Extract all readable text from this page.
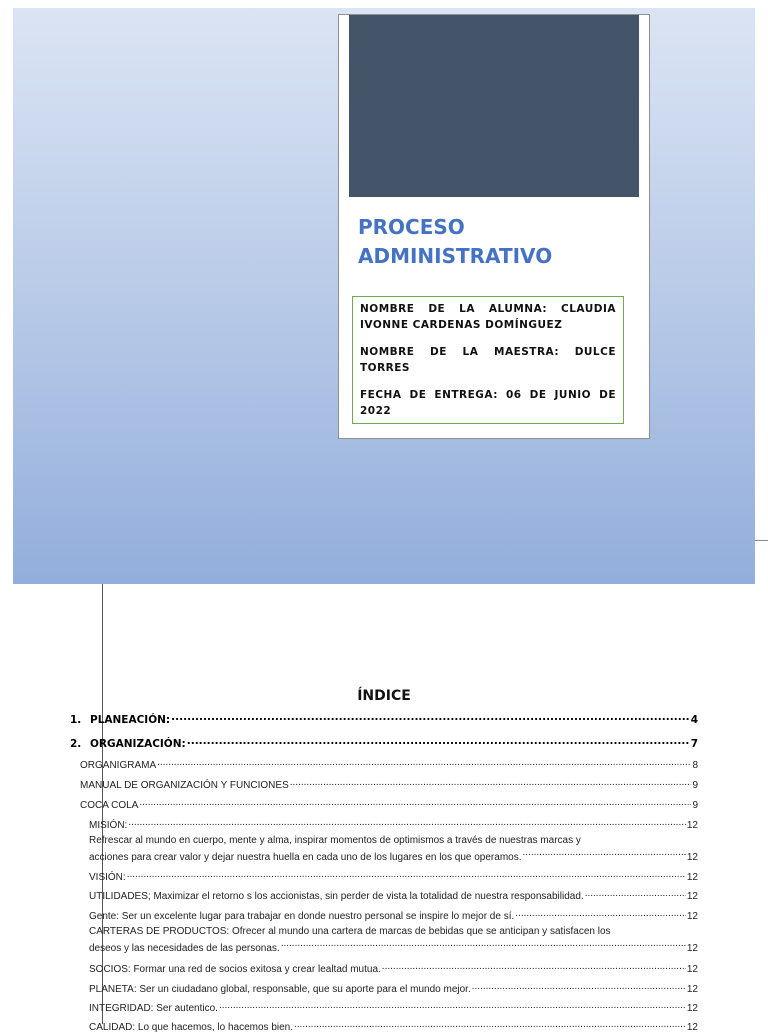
PROCESO ADMINISTRATIVO

NOMBRE DE LA ALUMNA: CLAUDIA IVONNE CARDENAS DOMÍNGUEZ

NOMBRE DE LA MAESTRA: DULCE TORRES

FECHA DE ENTREGA: 06 DE JUNIO DE 2022

ÍNDICE
1. PLANEACIÓN: .....	4
2. ORGANIZACIÓN: .....	7
ORGANIGRAMA .....	8
MANUAL DE ORGANIZACIÓN Y FUNCIONES .....	9
COCA COLA .....	9
MISIÓN: .....	12
Refrescar al mundo en cuerpo, mente y alma, inspirar momentos de optimismos a través de nuestras marcas y
acciones para crear valor y dejar nuestra huella en cada uno de los lugares en los que operamos. .....	12
VISIÓN: .....	12
UTILIDADES; Maximizar el retorno s los accionistas, sin perder de vista la totalidad de nuestra responsabilidad. .....	12
Gente: Ser un excelente lugar para trabajar en donde nuestro personal se inspire lo mejor de sí. .....	12
CARTERAS DE PRODUCTOS: Ofrecer al mundo una cartera de marcas de bebidas que se anticipan y satisfacen los
deseos y las necesidades de las personas. .....	12
SOCIOS: Formar una red de socios exitosa y crear lealtad mutua. .....	12
PLANETA: Ser un ciudadano global, responsable, que su aporte para el mundo mejor. .....	12
INTEGRIDAD: Ser autentico. .....	12
CALIDAD: Lo que hacemos, lo hacemos bien. .....	12
